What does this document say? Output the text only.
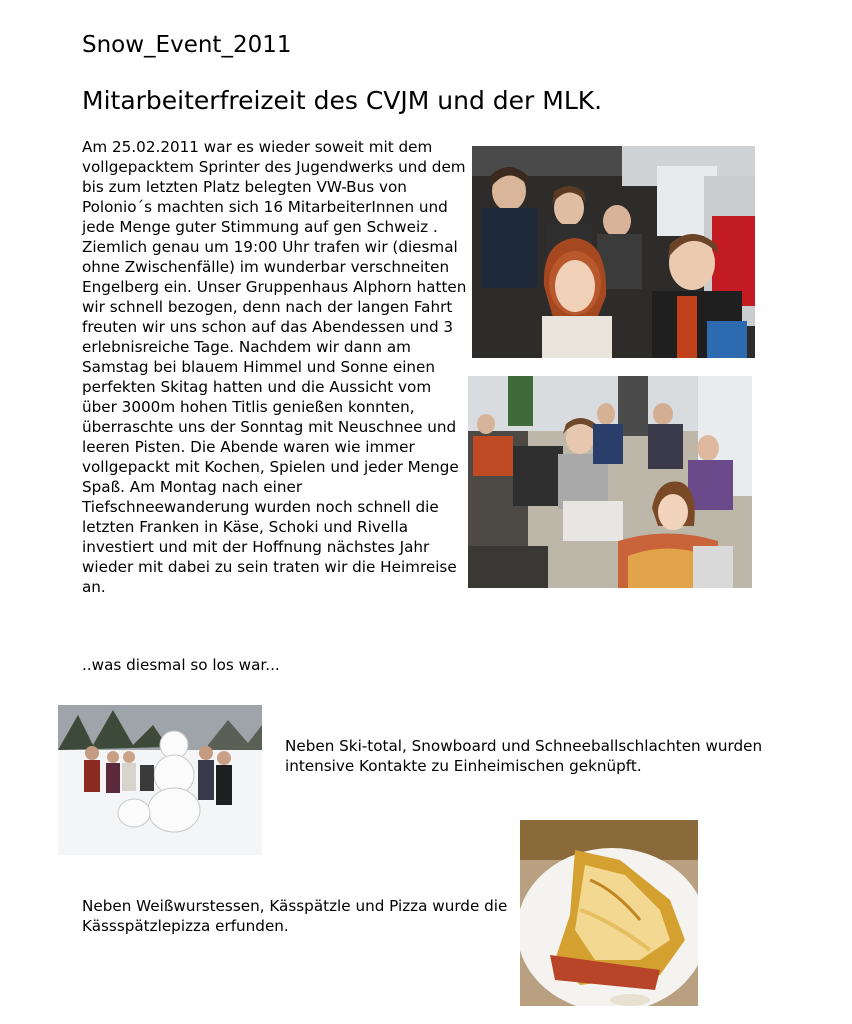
Snow_Event_2011
Mitarbeiterfreizeit des CVJM und der MLK.
Am 25.02.2011 war es wieder soweit mit dem
vollgepacktem Sprinter des Jugendwerks und dem
bis zum letzten Platz belegten VW-Bus von
Polonio´s machten sich 16 MitarbeiterInnen und
jede Menge guter Stimmung auf gen Schweiz .
Ziemlich genau um 19:00 Uhr trafen wir (diesmal
ohne Zwischenfälle) im wunderbar verschneiten
Engelberg ein. Unser Gruppenhaus Alphorn hatten
wir schnell bezogen, denn nach der langen Fahrt
freuten wir uns schon auf das Abendessen und 3
erlebnisreiche Tage. Nachdem wir dann am
Samstag bei blauem Himmel und Sonne einen
perfekten Skitag hatten und die Aussicht vom
über 3000m hohen Titlis genießen konnten,
überraschte uns der Sonntag mit Neuschnee und
leeren Pisten. Die Abende waren wie immer
vollgepackt mit Kochen, Spielen und jeder Menge
Spaß. Am Montag nach einer
Tiefschneewanderung wurden noch schnell die
letzten Franken in Käse, Schoki und Rivella
investiert und mit der Hoffnung nächstes Jahr
wieder mit dabei zu sein traten wir die Heimreise
an.
..was diesmal so los war...
Neben Ski-total, Snowboard und Schneeballschlachten wurden
intensive Kontakte zu Einheimischen geknüpft.
Neben Weißwurstessen, Kässpätzle und Pizza wurde die
Kässspätzlepizza erfunden.
